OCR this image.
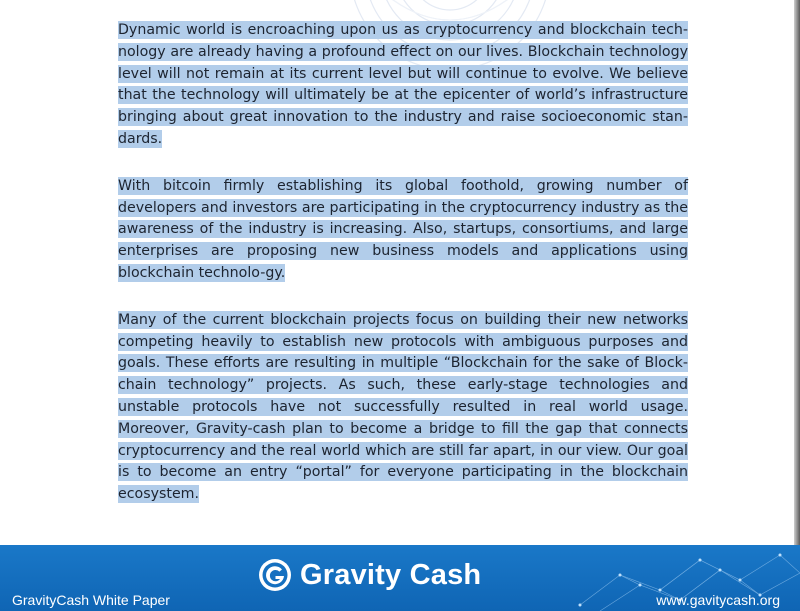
Dynamic world is encroaching upon us as cryptocurrency and blockchain tech-nology are already having a profound effect on our lives. Blockchain technology level will not remain at its current level but will continue to evolve. We believe that the technology will ultimately be at the epicenter of world’s infrastructure bringing about great innovation to the industry and raise socioeconomic stan-dards.

With bitcoin firmly establishing its global foothold, growing number of developers and investors are participating in the cryptocurrency industry as the awareness of the industry is increasing. Also, startups, consortiums, and large enterprises are proposing new business models and applications using blockchain technolo-gy.

Many of the current blockchain projects focus on building their new networks competing heavily to establish new protocols with ambiguous purposes and goals. These efforts are resulting in multiple “Blockchain for the sake of Block-chain technology” projects. As such, these early-stage technologies and unstable protocols have not successfully resulted in real world usage. Moreover, Gravity-cash plan to become a bridge to fill the gap that connects cryptocurrency and the real world which are still far apart, in our view. Our goal is to become an entry “portal” for everyone participating in the blockchain ecosystem.

Gravity Cash
GravityCash White Paper	www.gavitycash.org
